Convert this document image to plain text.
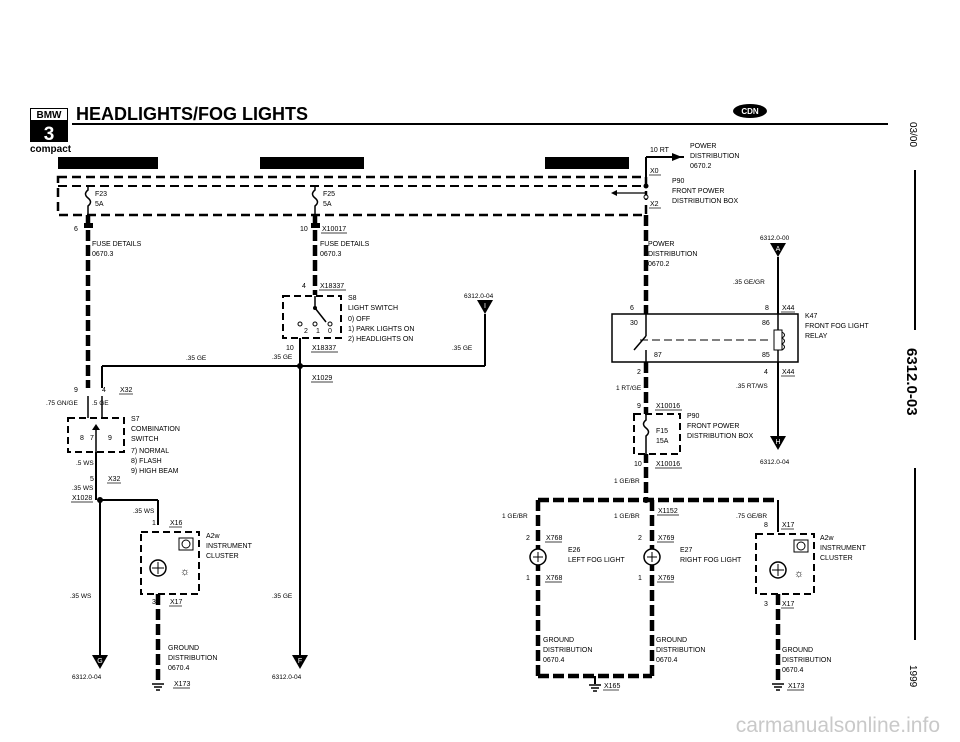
BMW
3
compact
HEADLIGHTS/FOG LIGHTS	CDN
03/00
6312.0-03
1999
HOT IN RUN AND START	HOT IN RUN AND START	HOT AT ALL TIMES
F23
5A
F25
5A
10 RT
POWER
DISTRIBUTION
0670.2
X0
X2
P90
FRONT POWER
DISTRIBUTION BOX
6
FUSE DETAILS
0670.3
.35 GE
9	4 X32
.75 GN/GE .5 GE
8 7 9
S7
COMBINATION
SWITCH
7) NORMAL
8) FLASH
9) HIGH BEAM
.5 WS
5 X32
.35 WS
X1028
.35 WS
.35 WS
G
6312.0-04
1 X16
☼
A2w
INSTRUMENT
CLUSTER
3 X17
GROUND
DISTRIBUTION
0670.4
X173
10 X10017
FUSE DETAILS
0670.3
4 X18337
2 1 0
S8
LIGHT SWITCH
0) OFF
1) PARK LIGHTS ON
2) HEADLIGHTS ON
10	X18337
.35 GE
X1029
.35 GE
F
6312.0-04
I
6312.0-04
.35 GE
POWER
DISTRIBUTION
0670.2
6
A
6312.0-00
.35 GE/GR
8 X44
30	86
87	85
K47
FRONT FOG LIGHT
RELAY
2	4 X44
.35 RT/WS
H
6312.0-04
1 RT/GE
9 X10016
F15
15A
P90
FRONT POWER
DISTRIBUTION BOX
10 X10016
1 GE/BR
X1152
1 GE/BR	1 GE/BR	.75 GE/BR
2 X768
E26
LEFT FOG LIGHT
1 X768
GROUND
DISTRIBUTION
0670.4
2 X769
E27
RIGHT FOG LIGHT
1 X769
GROUND
DISTRIBUTION
0670.4
X165
8 X17
☼
A2w
INSTRUMENT
CLUSTER
3 X17
GROUND
DISTRIBUTION
0670.4
X173
carmanualsonline.info
